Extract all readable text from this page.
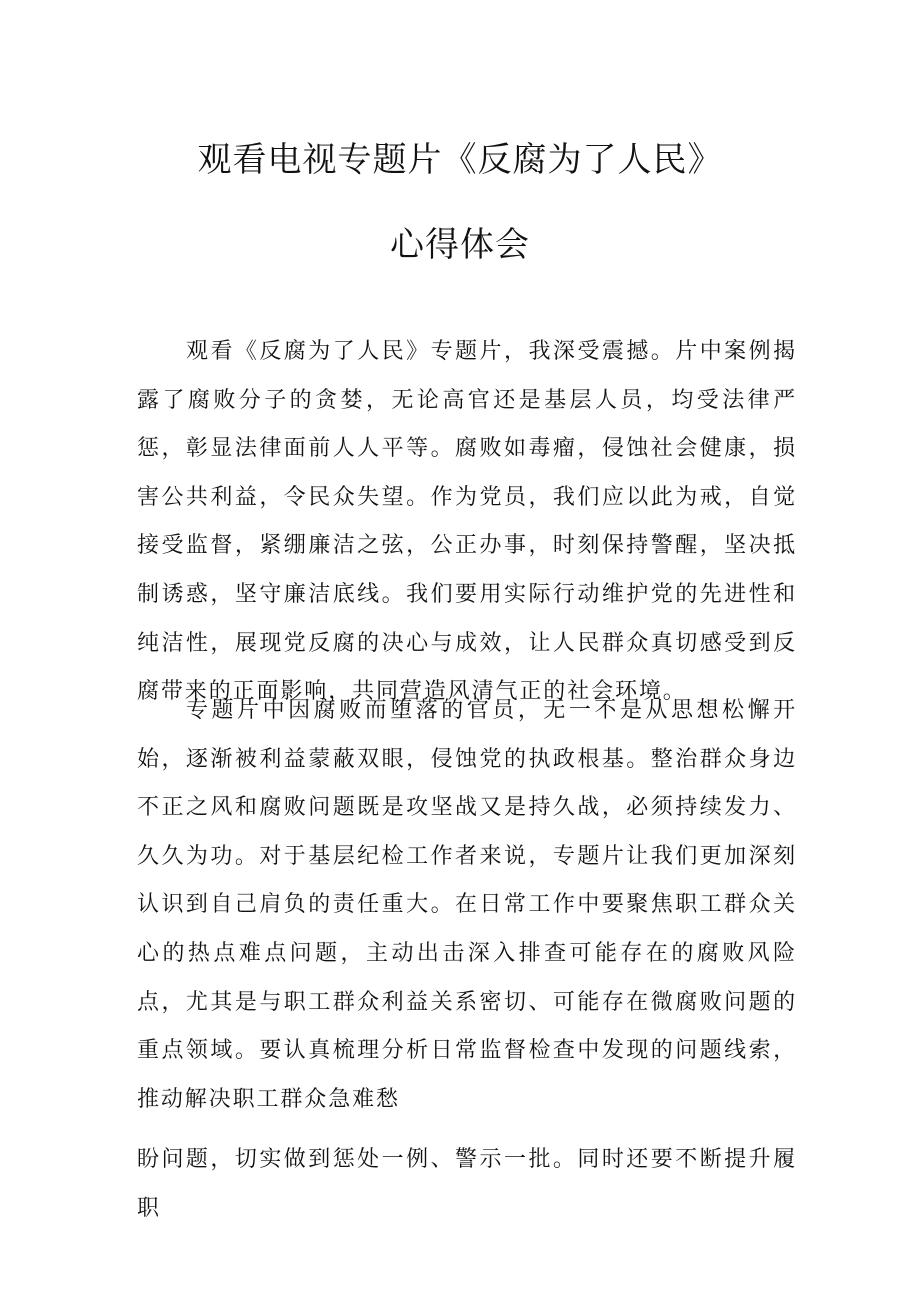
观看电视专题片《反腐为了人民》
心得体会

观看《反腐为了人民》专题片，我深受震撼。片中案例揭露了腐败分子的贪婪，无论高官还是基层人员，均受法律严惩，彰显法律面前人人平等。腐败如毒瘤，侵蚀社会健康，损害公共利益，令民众失望。作为党员，我们应以此为戒，自觉接受监督，紧绷廉洁之弦，公正办事，时刻保持警醒，坚决抵制诱惑，坚守廉洁底线。我们要用实际行动维护党的先进性和纯洁性，展现党反腐的决心与成效，让人民群众真切感受到反腐带来的正面影响，共同营造风清气正的社会环境。

专题片中因腐败而堕落的官员，无一不是从思想松懈开始，逐渐被利益蒙蔽双眼，侵蚀党的执政根基。整治群众身边不正之风和腐败问题既是攻坚战又是持久战，必须持续发力、久久为功。对于基层纪检工作者来说，专题片让我们更加深刻认识到自己肩负的责任重大。在日常工作中要聚焦职工群众关心的热点难点问题，主动出击深入排查可能存在的腐败风险点，尤其是与职工群众利益关系密切、可能存在微腐败问题的重点领域。要认真梳理分析日常监督检查中发现的问题线索，推动解决职工群众急难愁

盼问题，切实做到惩处一例、警示一批。同时还要不断提升履职
